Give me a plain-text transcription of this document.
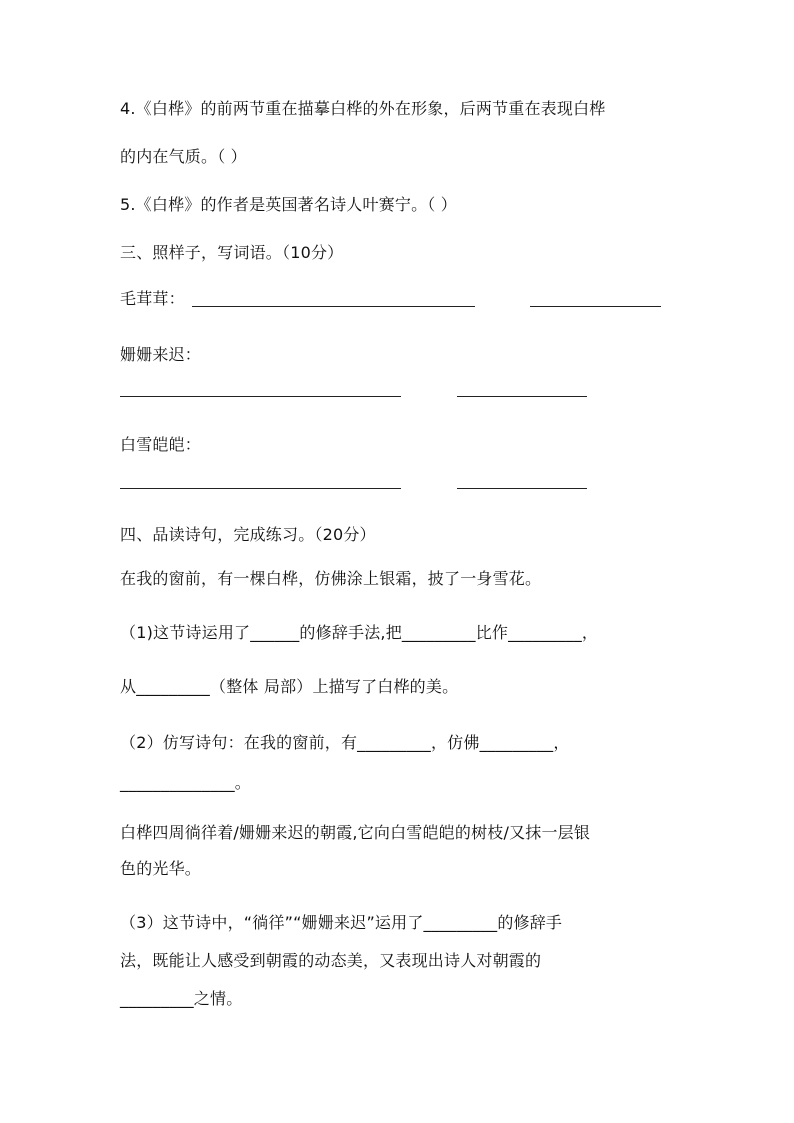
4.《白桦》的前两节重在描摹白桦的外在形象，后两节重在表现白桦
的内在气质。（ ）
5.《白桦》的作者是英国著名诗人叶赛宁。（ ）
三、照样子，写词语。（10分）
毛茸茸：
姗姗来迟：
白雪皑皑：
四、品读诗句，完成练习。（20分）
在我的窗前，有一棵白桦，仿佛涂上银霜，披了一身雪花。
（1)这节诗运用了______的修辞手法,把_________比作_________，
从_________（整体 局部）上描写了白桦的美。
（2）仿写诗句：在我的窗前，有_________，仿佛_________，
______________。
白桦四周徜徉着/姗姗来迟的朝霞,它向白雪皑皑的树枝/又抹一层银
色的光华。
（3）这节诗中，“徜徉”“姗姗来迟”运用了_________的修辞手
法，既能让人感受到朝霞的动态美，又表现出诗人对朝霞的
_________之情。
